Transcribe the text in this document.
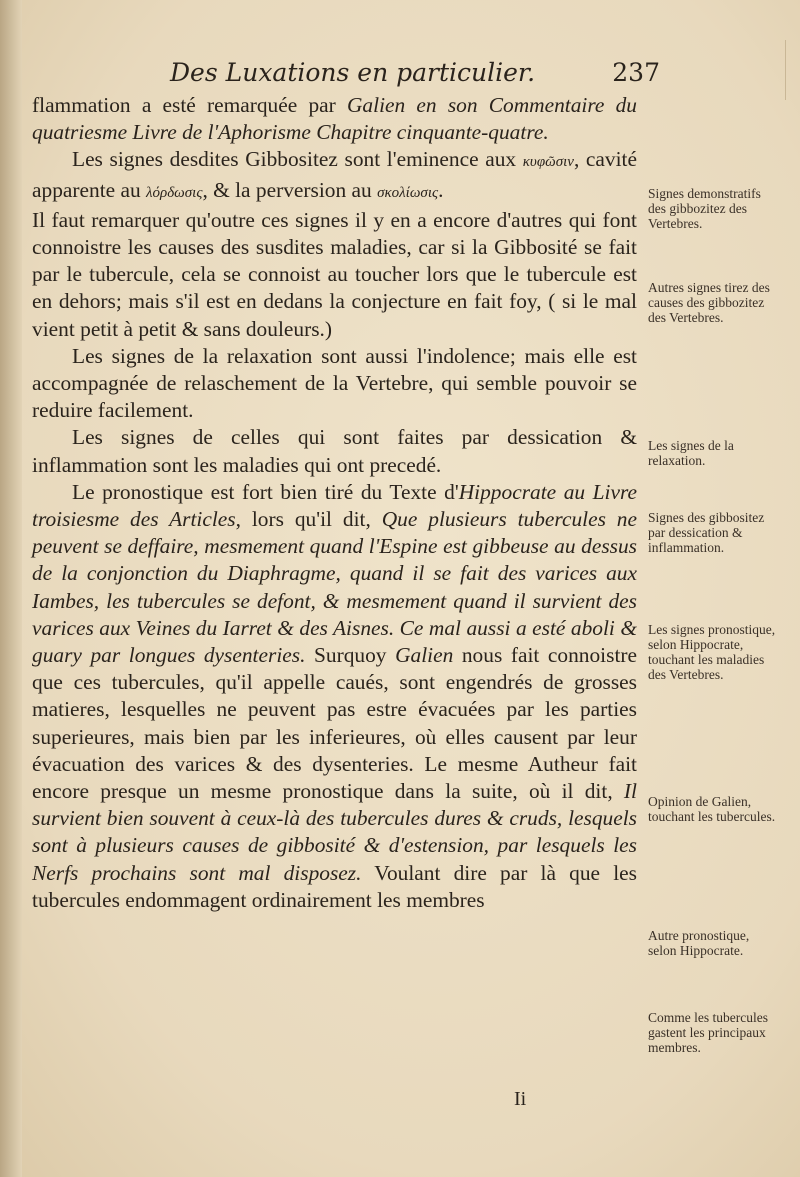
Des Luxations en particulier.	237

flammation a esté remarquée par Galien en son Commentaire du quatriesme Livre de l'Aphorisme Chapitre cinquante-quatre.

Les signes desdites Gibbositez sont l'eminence aux κυφῶσιν, cavité apparente au λόρδωσις, & la perversion au σκολίωσις.

Il faut remarquer qu'outre ces signes il y en a encore d'autres qui font connoistre les causes des susdites maladies, car si la Gibbosité se fait par le tubercule, cela se connoist au toucher lors que le tubercule est en dehors; mais s'il est en dedans la conjecture en fait foy, ( si le mal vient petit à petit & sans douleurs.)

Les signes de la relaxation sont aussi l'indolence; mais elle est accompagnée de relaschement de la Vertebre, qui semble pouvoir se reduire facilement.

Les signes de celles qui sont faites par dessication & inflammation sont les maladies qui ont precedé.

Le pronostique est fort bien tiré du Texte d'Hippocrate au Livre troisiesme des Articles, lors qu'il dit, Que plusieurs tubercules ne peuvent se deffaire, mesmement quand l'Espine est gibbeuse au dessus de la conjonction du Diaphragme, quand il se fait des varices aux Iambes, les tubercules se defont, & mesmement quand il survient des varices aux Veines du Iarret & des Aisnes. Ce mal aussi a esté aboli & guary par longues dysenteries. Surquoy Galien nous fait connoistre que ces tubercules, qu'il appelle caués, sont engendrés de grosses matieres, lesquelles ne peuvent pas estre évacuées par les parties superieures, mais bien par les inferieures, où elles causent par leur évacuation des varices & des dysenteries. Le mesme Autheur fait encore presque un mesme pronostique dans la suite, où il dit, Il survient bien souvent à ceux-là des tubercules dures & cruds, lesquels sont à plusieurs causes de gibbosité & d'estension, par lesquels les Nerfs prochains sont mal disposez. Voulant dire par là que les tubercules endommagent ordinairement les membres

Signes demonstratifs des gibbozitez des Vertebres.
Autres signes tirez des causes des gibbozitez des Vertebres.
Les signes de la relaxation.
Signes des gibbositez par dessication & inflammation.
Les signes pronostique, selon Hippocrate, touchant les maladies des Vertebres.
Opinion de Galien, touchant les tubercules.
Autre pronostique, selon Hippocrate.
Comme les tubercules gastent les principaux membres.
Ii
